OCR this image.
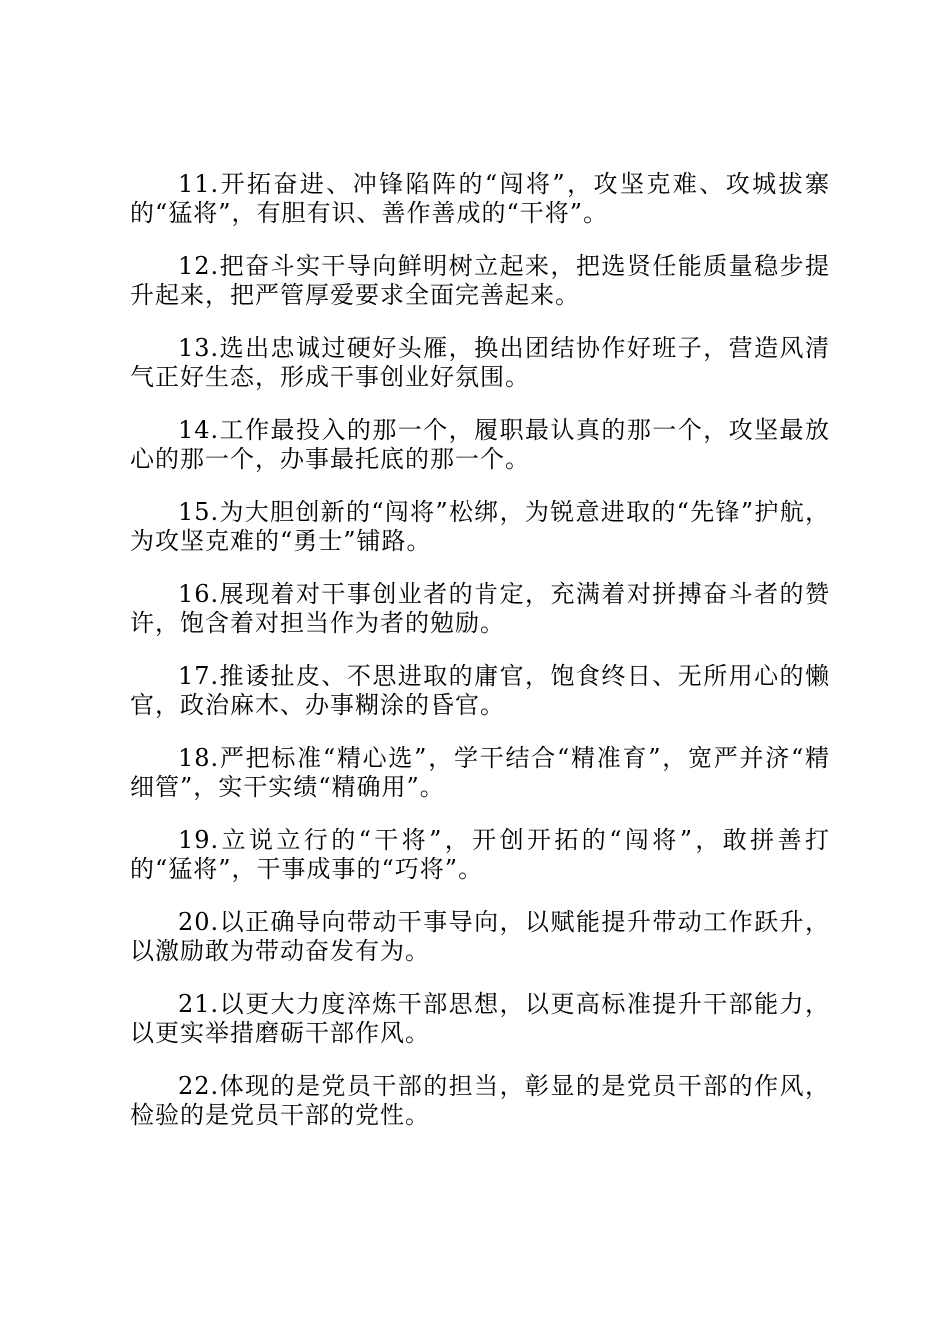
11.开拓奋进、冲锋陷阵的“闯将”，攻坚克难、攻城拔寨的“猛将”，有胆有识、善作善成的“干将”。

12.把奋斗实干导向鲜明树立起来，把选贤任能质量稳步提升起来，把严管厚爱要求全面完善起来。

13.选出忠诚过硬好头雁，换出团结协作好班子，营造风清气正好生态，形成干事创业好氛围。

14.工作最投入的那一个，履职最认真的那一个，攻坚最放心的那一个，办事最托底的那一个。

15.为大胆创新的“闯将”松绑，为锐意进取的“先锋”护航，为攻坚克难的“勇士”铺路。

16.展现着对干事创业者的肯定，充满着对拼搏奋斗者的赞许，饱含着对担当作为者的勉励。

17.推诿扯皮、不思进取的庸官，饱食终日、无所用心的懒官，政治麻木、办事糊涂的昏官。

18.严把标准“精心选”，学干结合“精准育”，宽严并济“精细管”，实干实绩“精确用”。

19.立说立行的“干将”，开创开拓的“闯将”，敢拼善打的“猛将”，干事成事的“巧将”。

20.以正确导向带动干事导向，以赋能提升带动工作跃升，以激励敢为带动奋发有为。

21.以更大力度淬炼干部思想，以更高标准提升干部能力，以更实举措磨砺干部作风。

22.体现的是党员干部的担当，彰显的是党员干部的作风，检验的是党员干部的党性。
